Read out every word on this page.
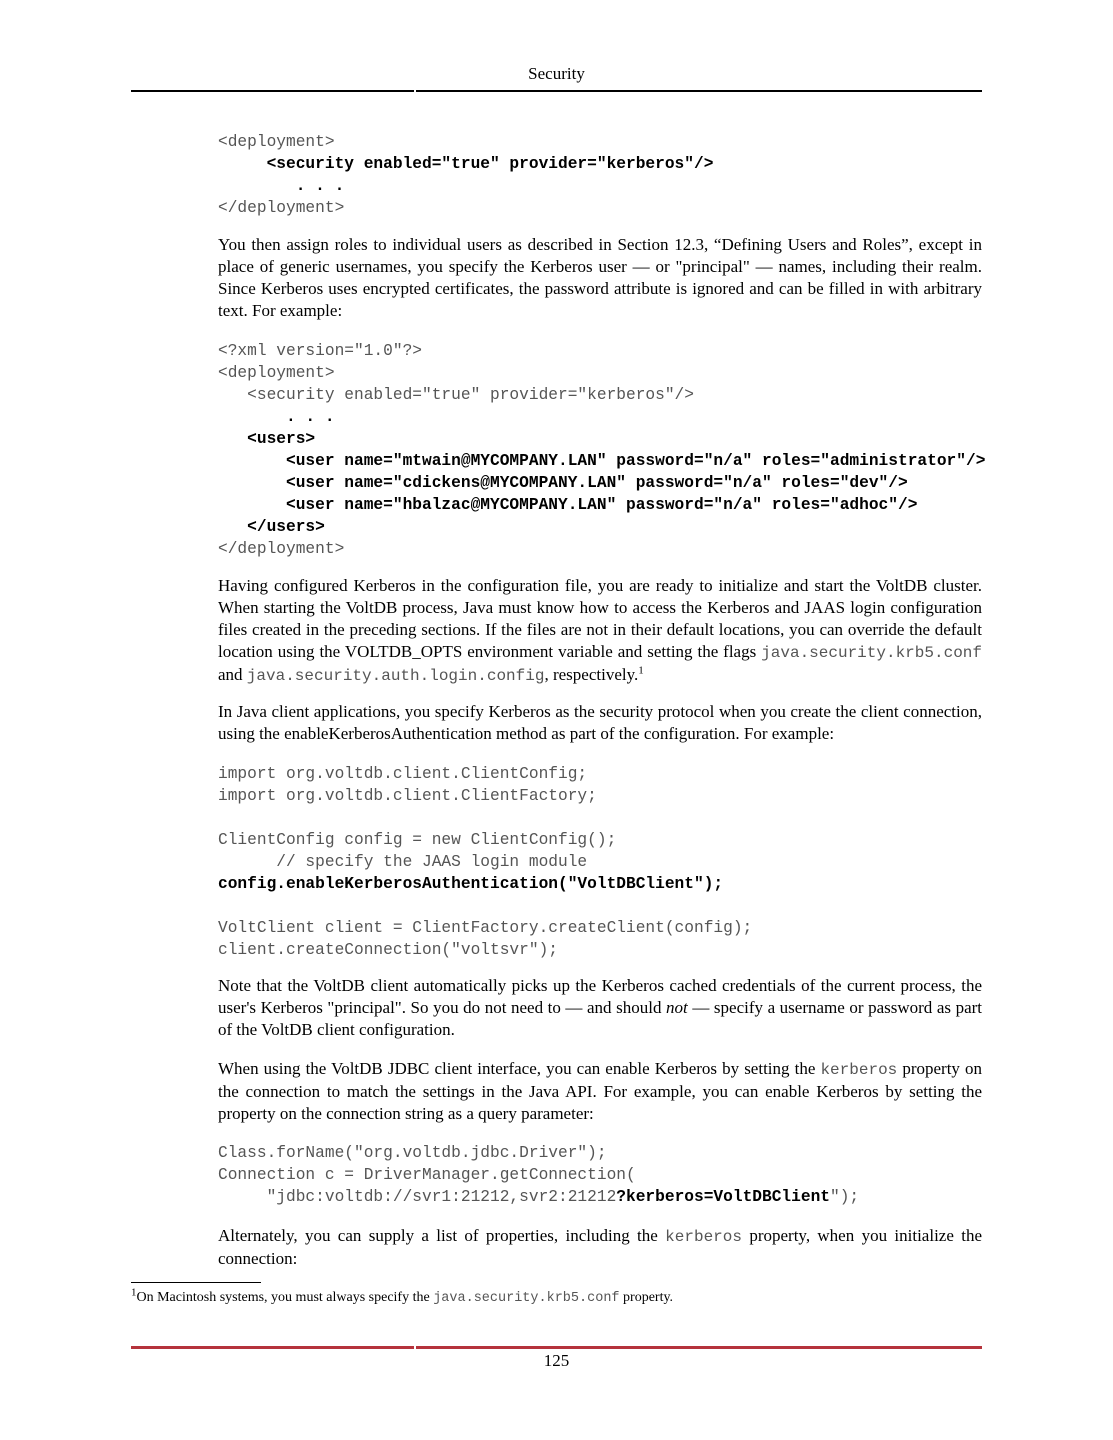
Security
<deployment>
<security enabled="true" provider="kerberos"/>
. . .
</deployment>

You then assign roles to individual users as described in Section 12.3, “Defining Users and Roles”, except in place of generic usernames, you specify the Kerberos user — or "principal" — names, including their realm. Since Kerberos uses encrypted certificates, the password attribute is ignored and can be filled in with arbitrary text. For example:

<?xml version="1.0"?>
<deployment>
<security enabled="true" provider="kerberos"/>
. . .
<users>
<user name="mtwain@MYCOMPANY.LAN" password="n/a" roles="administrator"/>
<user name="cdickens@MYCOMPANY.LAN" password="n/a" roles="dev"/>
<user name="hbalzac@MYCOMPANY.LAN" password="n/a" roles="adhoc"/>
</users>
</deployment>

Having configured Kerberos in the configuration file, you are ready to initialize and start the VoltDB cluster. When starting the VoltDB process, Java must know how to access the Kerberos and JAAS login configuration files created in the preceding sections. If the files are not in their default locations, you can override the default location using the VOLTDB_OPTS environment variable and setting the flags java.security.krb5.conf and java.security.auth.login.config, respectively.$^1$

In Java client applications, you specify Kerberos as the security protocol when you create the client connection, using the enableKerberosAuthentication method as part of the configuration. For example:

import org.voltdb.client.ClientConfig;
import org.voltdb.client.ClientFactory;

ClientConfig config = new ClientConfig();
// specify the JAAS login module
config.enableKerberosAuthentication("VoltDBClient");

VoltClient client = ClientFactory.createClient(config);
client.createConnection("voltsvr");

Note that the VoltDB client automatically picks up the Kerberos cached credentials of the current process, the user's Kerberos "principal". So you do not need to — and should not — specify a username or password as part of the VoltDB client configuration.

When using the VoltDB JDBC client interface, you can enable Kerberos by setting the kerberos property on the connection to match the settings in the Java API. For example, you can enable Kerberos by setting the property on the connection string as a query parameter:

Class.forName("org.voltdb.jdbc.Driver");
Connection c = DriverManager.getConnection(
"jdbc:voltdb://svr1:21212,svr2:21212?kerberos=VoltDBClient");

Alternately, you can supply a list of properties, including the kerberos property, when you initialize the connection:

$^1$On Macintosh systems, you must always specify the java.security.krb5.conf property.
125
